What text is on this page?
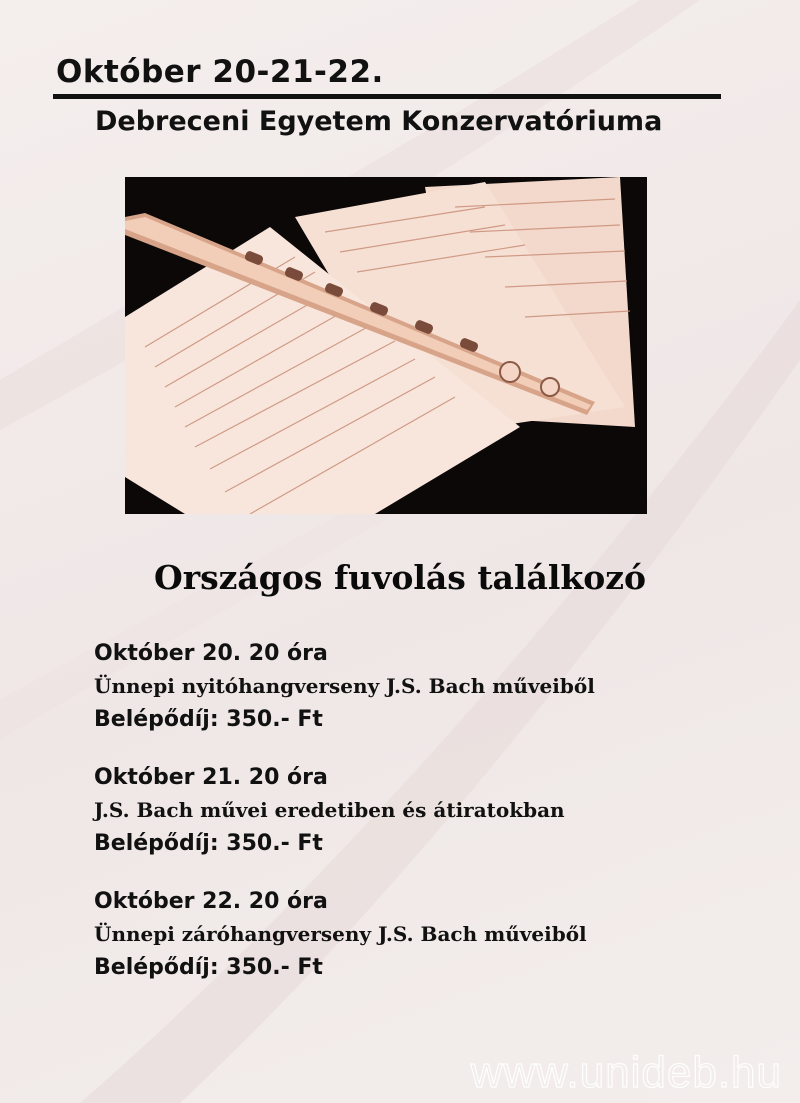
Október 20-21-22.
Debreceni Egyetem Konzervatóriuma
Országos fuvolás találkozó
Október 20. 20 óra
Ünnepi nyitóhangverseny J.S. Bach műveiből
Belépődíj: 350.- Ft
Október 21. 20 óra
J.S. Bach művei eredetiben és átiratokban
Belépődíj: 350.- Ft
Október 22. 20 óra
Ünnepi záróhangverseny J.S. Bach műveiből
Belépődíj: 350.- Ft
www.unideb.hu
